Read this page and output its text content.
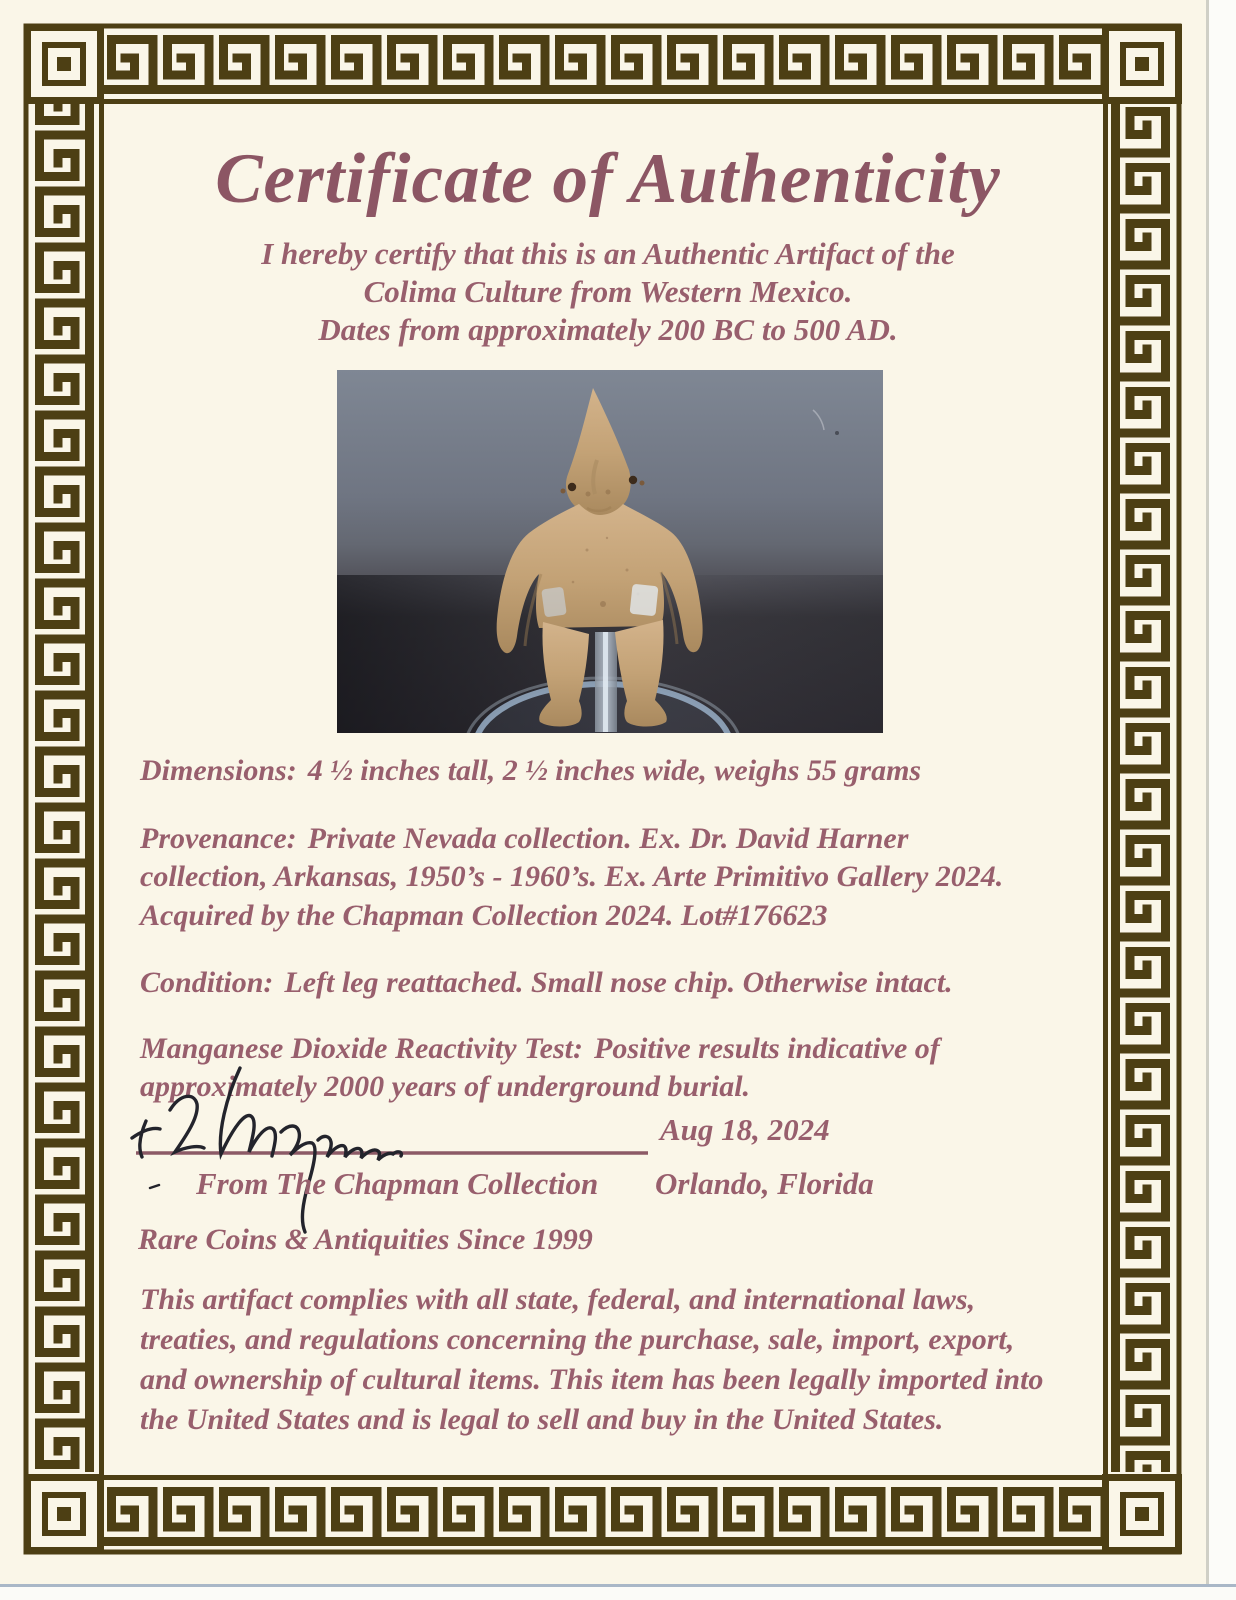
Certificate of Authenticity
I hereby certify that this is an Authentic Artifact of the
Colima Culture from Western Mexico.
Dates from approximately 200 BC to 500 AD.
Dimensions: 4 ½ inches tall, 2 ½ inches wide, weighs 55 grams
Provenance: Private Nevada collection. Ex. Dr. David Harner
collection, Arkansas, 1950’s - 1960’s. Ex. Arte Primitivo Gallery 2024.
Acquired by the Chapman Collection 2024. Lot#176623
Condition: Left leg reattached. Small nose chip. Otherwise intact.
Manganese Dioxide Reactivity Test: Positive results indicative of
approximately 2000 years of underground burial.
Aug 18, 2024
From The Chapman Collection Orlando, Florida
Rare Coins & Antiquities Since 1999
This artifact complies with all state, federal, and international laws,
treaties, and regulations concerning the purchase, sale, import, export,
and ownership of cultural items. This item has been legally imported into
the United States and is legal to sell and buy in the United States.
